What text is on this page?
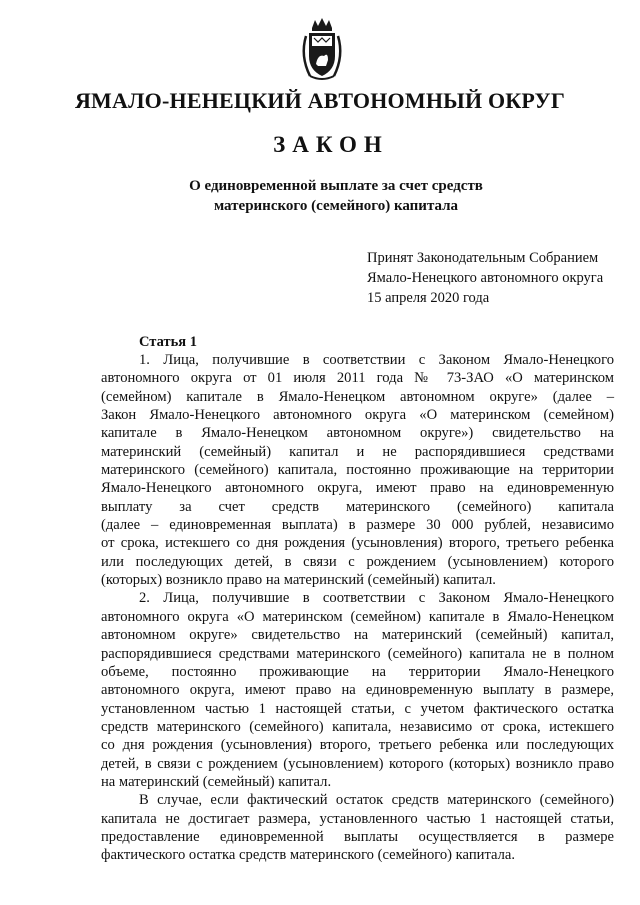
ЯМАЛО-НЕНЕЦКИЙ АВТОНОМНЫЙ ОКРУГ
ЗАКОН
О единовременной выплате за счет средств
материнского (семейного) капитала
Принят Законодательным Собранием
Ямало-Ненецкого автономного округа
15 апреля 2020 года
Статья 1
1. Лица, получившие в соответствии с Законом Ямало-Ненецкого
автономного округа от 01 июля 2011 года № 73-ЗАО «О материнском
(семейном) капитале в Ямало-Ненецком автономном округе» (далее –
Закон Ямало-Ненецкого автономного округа «О материнском (семейном)
капитале в Ямало-Ненецком автономном округе») свидетельство на
материнский (семейный) капитал и не распорядившиеся средствами
материнского (семейного) капитала, постоянно проживающие на территории
Ямало-Ненецкого автономного округа, имеют право на единовременную
выплату за счет средств материнского (семейного) капитала
(далее – единовременная выплата) в размере 30 000 рублей, независимо
от срока, истекшего со дня рождения (усыновления) второго, третьего ребенка
или последующих детей, в связи с рождением (усыновлением) которого
(которых) возникло право на материнский (семейный) капитал.
2. Лица, получившие в соответствии с Законом Ямало-Ненецкого
автономного округа «О материнском (семейном) капитале в Ямало-Ненецком
автономном округе» свидетельство на материнский (семейный) капитал,
распорядившиеся средствами материнского (семейного) капитала не в полном
объеме, постоянно проживающие на территории Ямало-Ненецкого
автономного округа, имеют право на единовременную выплату в размере,
установленном частью 1 настоящей статьи, с учетом фактического остатка
средств материнского (семейного) капитала, независимо от срока, истекшего
со дня рождения (усыновления) второго, третьего ребенка или последующих
детей, в связи с рождением (усыновлением) которого (которых) возникло право
на материнский (семейный) капитал.
В случае, если фактический остаток средств материнского (семейного)
капитала не достигает размера, установленного частью 1 настоящей статьи,
предоставление единовременной выплаты осуществляется в размере
фактического остатка средств материнского (семейного) капитала.
